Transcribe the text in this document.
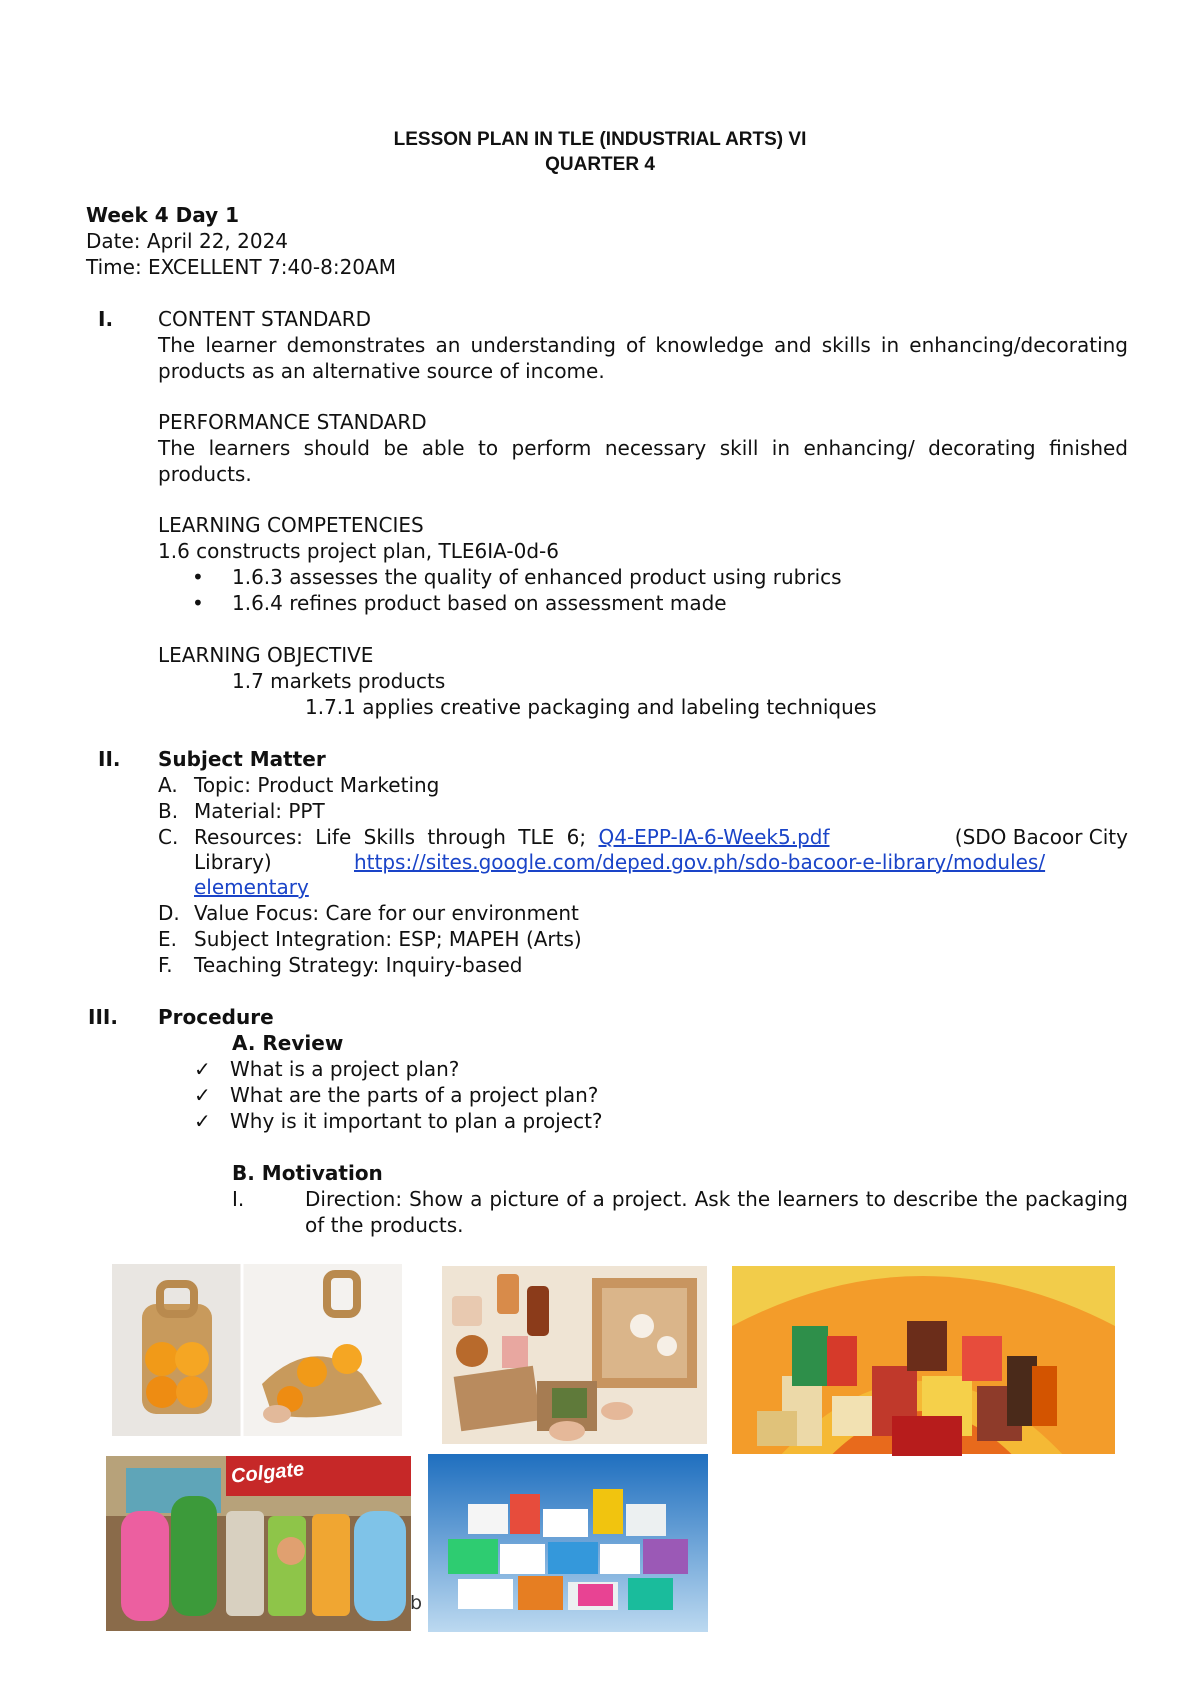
LESSON PLAN IN TLE (INDUSTRIAL ARTS) VI
QUARTER 4
Week 4 Day 1
Date: April 22, 2024
Time: EXCELLENT 7:40-8:20AM
I. CONTENT STANDARD
The learner demonstrates an understanding of knowledge and skills in enhancing/decorating products as an alternative source of income.
PERFORMANCE STANDARD
The learners should be able to perform necessary skill in enhancing/ decorating finished products.
LEARNING COMPETENCIES
1.6 constructs project plan, TLE6IA-0d-6
• 1.6.3 assesses the quality of enhanced product using rubrics
• 1.6.4 refines product based on assessment made
LEARNING OBJECTIVE
1.7 markets products
1.7.1 applies creative packaging and labeling techniques
II. Subject Matter
A. Topic: Product Marketing
B. Material: PPT
C. Resources: Life Skills through TLE 6; Q4-EPP-IA-6-Week5.pdf	(SDO Bacoor City
Library)	https://sites.google.com/deped.gov.ph/sdo-bacoor-e-library/modules/
elementary
D. Value Focus: Care for our environment
E. Subject Integration: ESP; MAPEH (Arts)
F. Teaching Strategy: Inquiry-based
III. Procedure
A. Review
✓ What is a project plan?
✓ What are the parts of a project plan?
✓ Why is it important to plan a project?
B. Motivation
I.	Direction: Show a picture of a project. Ask the learners to describe the packaging of the products.
Colgate
b
